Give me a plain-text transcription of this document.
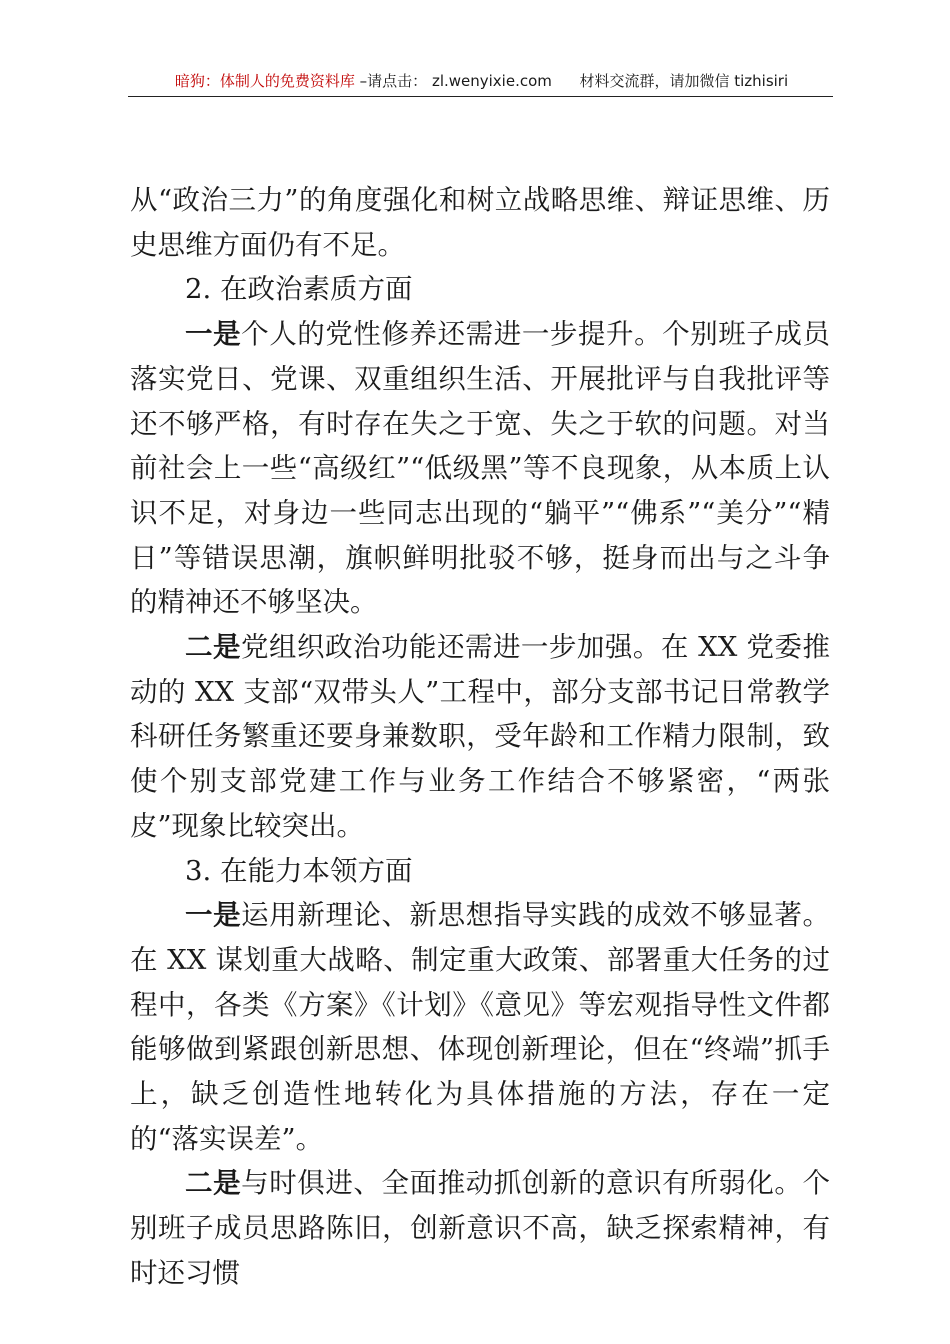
暗狗：体制人的免费资料库 –请点击： zl.wenyixie.com 材料交流群，请加微信 tizhisiri

从“政治三力”的角度强化和树立战略思维、辩证思维、历史思维方面仍有不足。

2. 在政治素质方面

一是个人的党性修养还需进一步提升。个别班子成员落实党日、党课、双重组织生活、开展批评与自我批评等还不够严格，有时存在失之于宽、失之于软的问题。对当前社会上一些“高级红”“低级黑”等不良现象，从本质上认识不足，对身边一些同志出现的“躺平”“佛系”“美分”“精日”等错误思潮，旗帜鲜明批驳不够，挺身而出与之斗争的精神还不够坚决。

二是党组织政治功能还需进一步加强。在 XX 党委推动的 XX 支部“双带头人”工程中，部分支部书记日常教学科研任务繁重还要身兼数职，受年龄和工作精力限制，致使个别支部党建工作与业务工作结合不够紧密，“两张皮”现象比较突出。

3. 在能力本领方面

一是运用新理论、新思想指导实践的成效不够显著。在 XX 谋划重大战略、制定重大政策、部署重大任务的过程中，各类《方案》《计划》《意见》等宏观指导性文件都能够做到紧跟创新思想、体现创新理论，但在“终端”抓手上，缺乏创造性地转化为具体措施的方法，存在一定的“落实误差”。

二是与时俱进、全面推动抓创新的意识有所弱化。个别班子成员思路陈旧，创新意识不高，缺乏探索精神，有时还习惯
